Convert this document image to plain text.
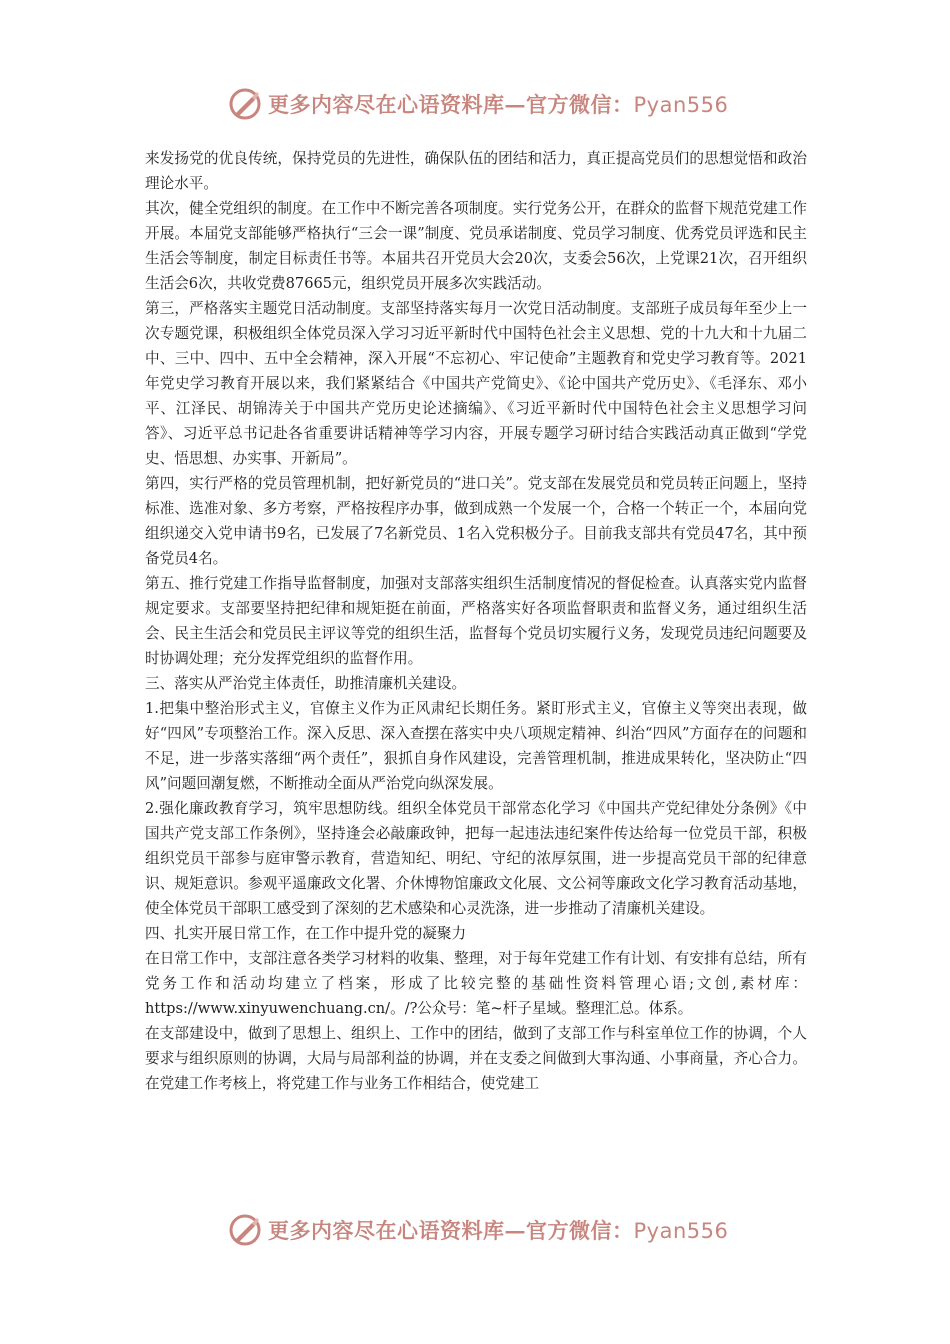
更多内容尽在心语资料库—官方微信：Pyan556

来发扬党的优良传统，保持党员的先进性，确保队伍的团结和活力，真正提高党员们的思想觉悟和政治理论水平。

其次，健全党组织的制度。在工作中不断完善各项制度。实行党务公开，在群众的监督下规范党建工作开展。本届党支部能够严格执行“三会一课”制度、党员承诺制度、党员学习制度、优秀党员评选和民主生活会等制度，制定目标责任书等。本届共召开党员大会20次，支委会56次，上党课21次，召开组织生活会6次，共收党费87665元，组织党员开展多次实践活动。

第三，严格落实主题党日活动制度。支部坚持落实每月一次党日活动制度。支部班子成员每年至少上一次专题党课，积极组织全体党员深入学习习近平新时代中国特色社会主义思想、党的十九大和十九届二中、三中、四中、五中全会精神，深入开展“不忘初心、牢记使命”主题教育和党史学习教育等。2021年党史学习教育开展以来，我们紧紧结合《中国共产党简史》、《论中国共产党历史》、《毛泽东、邓小平、江泽民、胡锦涛关于中国共产党历史论述摘编》、《习近平新时代中国特色社会主义思想学习问答》、习近平总书记赴各省重要讲话精神等学习内容，开展专题学习研讨结合实践活动真正做到“学党史、悟思想、办实事、开新局”。

第四，实行严格的党员管理机制，把好新党员的“进口关”。党支部在发展党员和党员转正问题上，坚持标准、选准对象、多方考察，严格按程序办事，做到成熟一个发展一个，合格一个转正一个，本届向党组织递交入党申请书9名，已发展了7名新党员、1名入党积极分子。目前我支部共有党员47名，其中预备党员4名。

第五、推行党建工作指导监督制度，加强对支部落实组织生活制度情况的督促检查。认真落实党内监督规定要求。支部要坚持把纪律和规矩挺在前面，严格落实好各项监督职责和监督义务，通过组织生活会、民主生活会和党员民主评议等党的组织生活，监督每个党员切实履行义务，发现党员违纪问题要及时协调处理；充分发挥党组织的监督作用。

三、落实从严治党主体责任，助推清廉机关建设。

1.把集中整治形式主义，官僚主义作为正风肃纪长期任务。紧盯形式主义，官僚主义等突出表现，做好“四风”专项整治工作。深入反思、深入查摆在落实中央八项规定精神、纠治“四风”方面存在的问题和不足，进一步落实落细“两个责任”，狠抓自身作风建设，完善管理机制，推进成果转化，坚决防止“四风”问题回潮复燃，不断推动全面从严治党向纵深发展。

2.强化廉政教育学习，筑牢思想防线。组织全体党员干部常态化学习《中国共产党纪律处分条例》《中国共产党支部工作条例》，坚持逢会必敲廉政钟，把每一起违法违纪案件传达给每一位党员干部，积极组织党员干部参与庭审警示教育，营造知纪、明纪、守纪的浓厚氛围，进一步提高党员干部的纪律意识、规矩意识。参观平遥廉政文化署、介休博物馆廉政文化展、文公祠等廉政文化学习教育活动基地，使全体党员干部职工感受到了深刻的艺术感染和心灵洗涤，进一步推动了清廉机关建设。

四、扎实开展日常工作，在工作中提升党的凝聚力

在日常工作中，支部注意各类学习材料的收集、整理，对于每年党建工作有计划、有安排有总结，所有党务工作和活动均建立了档案，形成了比较完整的基础性资料管理心语;文创,素材库：https://www.xinyuwenchuang.cn/。/?公众号：笔~杆子星域。整理汇总。体系。

在支部建设中，做到了思想上、组织上、工作中的团结，做到了支部工作与科室单位工作的协调，个人要求与组织原则的协调，大局与局部利益的协调，并在支委之间做到大事沟通、小事商量，齐心合力。在党建工作考核上，将党建工作与业务工作相结合，使党建工

更多内容尽在心语资料库—官方微信：Pyan556
